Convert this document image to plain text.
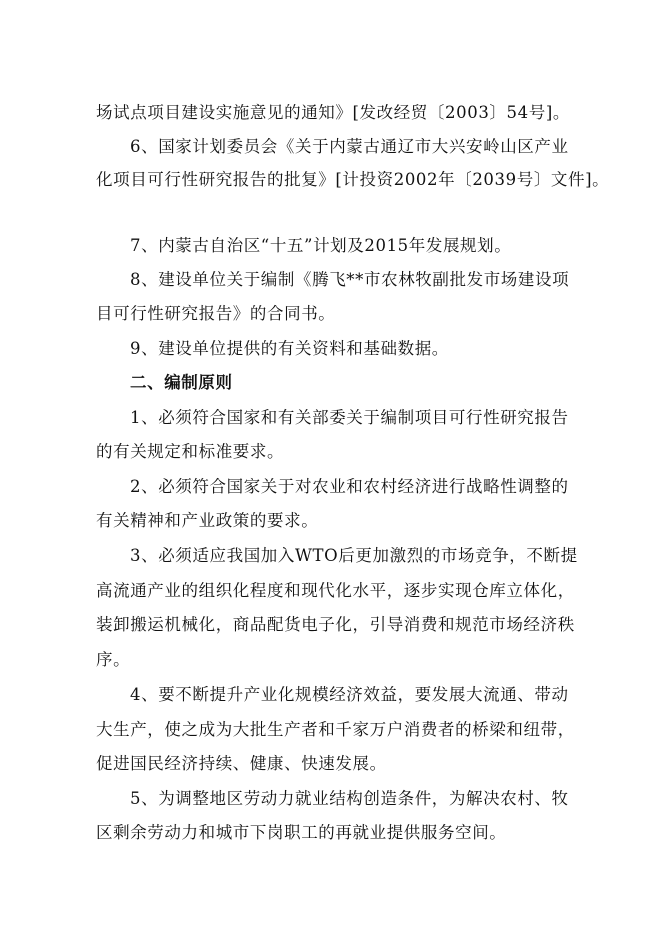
场试点项目建设实施意见的通知》[发改经贸〔2003〕54号]。

6、国家计划委员会《关于内蒙古通辽市大兴安岭山区产业

化项目可行性研究报告的批复》[计投资2002年〔2039号〕文件]。

7、内蒙古自治区“十五”计划及2015年发展规划。

8、建设单位关于编制《腾飞**市农林牧副批发市场建设项

目可行性研究报告》的合同书。

9、建设单位提供的有关资料和基础数据。

二、编制原则

1、必须符合国家和有关部委关于编制项目可行性研究报告

的有关规定和标准要求。

2、必须符合国家关于对农业和农村经济进行战略性调整的

有关精神和产业政策的要求。

3、必须适应我国加入WTO后更加激烈的市场竞争，不断提

高流通产业的组织化程度和现代化水平，逐步实现仓库立体化，

装卸搬运机械化，商品配货电子化，引导消费和规范市场经济秩

序。

4、要不断提升产业化规模经济效益，要发展大流通、带动

大生产，使之成为大批生产者和千家万户消费者的桥梁和纽带，

促进国民经济持续、健康、快速发展。

5、为调整地区劳动力就业结构创造条件，为解决农村、牧

区剩余劳动力和城市下岗职工的再就业提供服务空间。
